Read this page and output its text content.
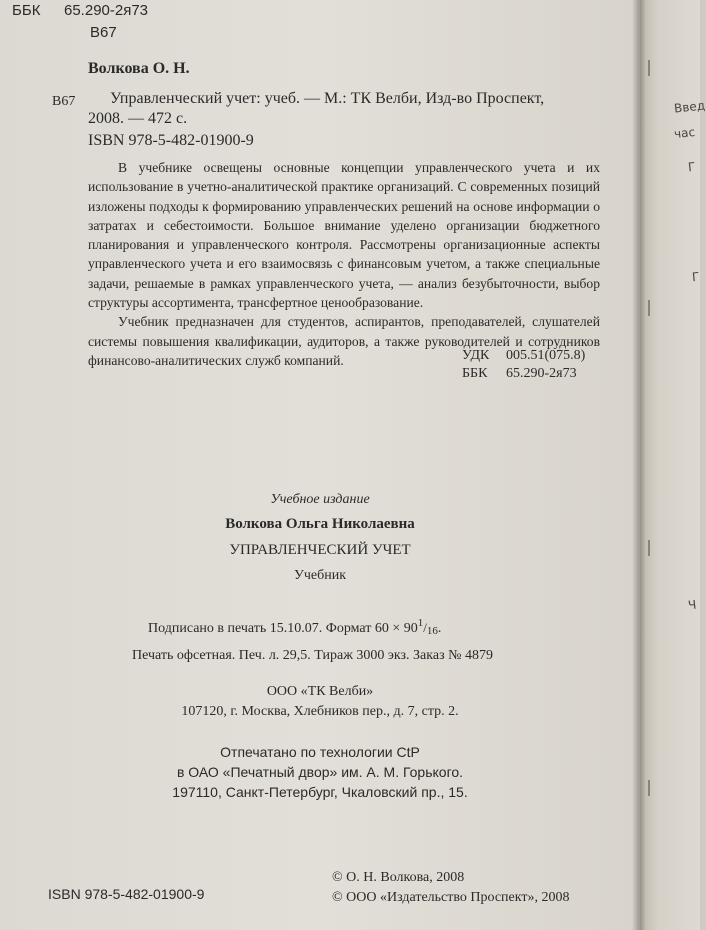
ББК 65.290-2я73
В67
Волкова О. Н.
В67 Управленческий учет: учеб. — М.: ТК Велби, Изд-во Проспект,
2008. — 472 с.
ISBN 978-5-482-01900-9

В учебнике освещены основные концепции управленческого учета и их использование в учетно-аналитической практике организаций. С современных позиций изложены подходы к формированию управленческих решений на основе информации о затратах и себестоимости. Большое внимание уделено организации бюджетного планирования и управленческого контроля. Рассмотрены организационные аспекты управленческого учета и его взаимосвязь с финансовым учетом, а также специальные задачи, решаемые в рамках управленческого учета, — анализ безубыточности, выбор структуры ассортимента, трансфертное ценообразование.

Учебник предназначен для студентов, аспирантов, преподавателей, слушателей системы повышения квалификации, аудиторов, а также руководителей и сотрудников финансово-аналитических служб компаний.	УДК 005.51(075.8)
ББК 65.290-2я73
Учебное издание
Волкова Ольга Николаевна
УПРАВЛЕНЧЕСКИЙ УЧЕТ
Учебник
Подписано в печать 15.10.07. Формат $60 \times 90^1/16$.
Печать офсетная. Печ. л. 29,5. Тираж 3000 экз. Заказ № 4879
ООО «ТК Велби»
107120, г. Москва, Хлебников пер., д. 7, стр. 2.
Отпечатано по технологии CtP
в ОАО «Печатный двор» им. А. М. Горького.
197110, Санкт-Петербург, Чкаловский пр., 15.
© О. Н. Волкова, 2008
ISBN 978-5-482-01900-9	© ООО «Издательство Проспект», 2008
Введ
час
Г
Г
Ч
